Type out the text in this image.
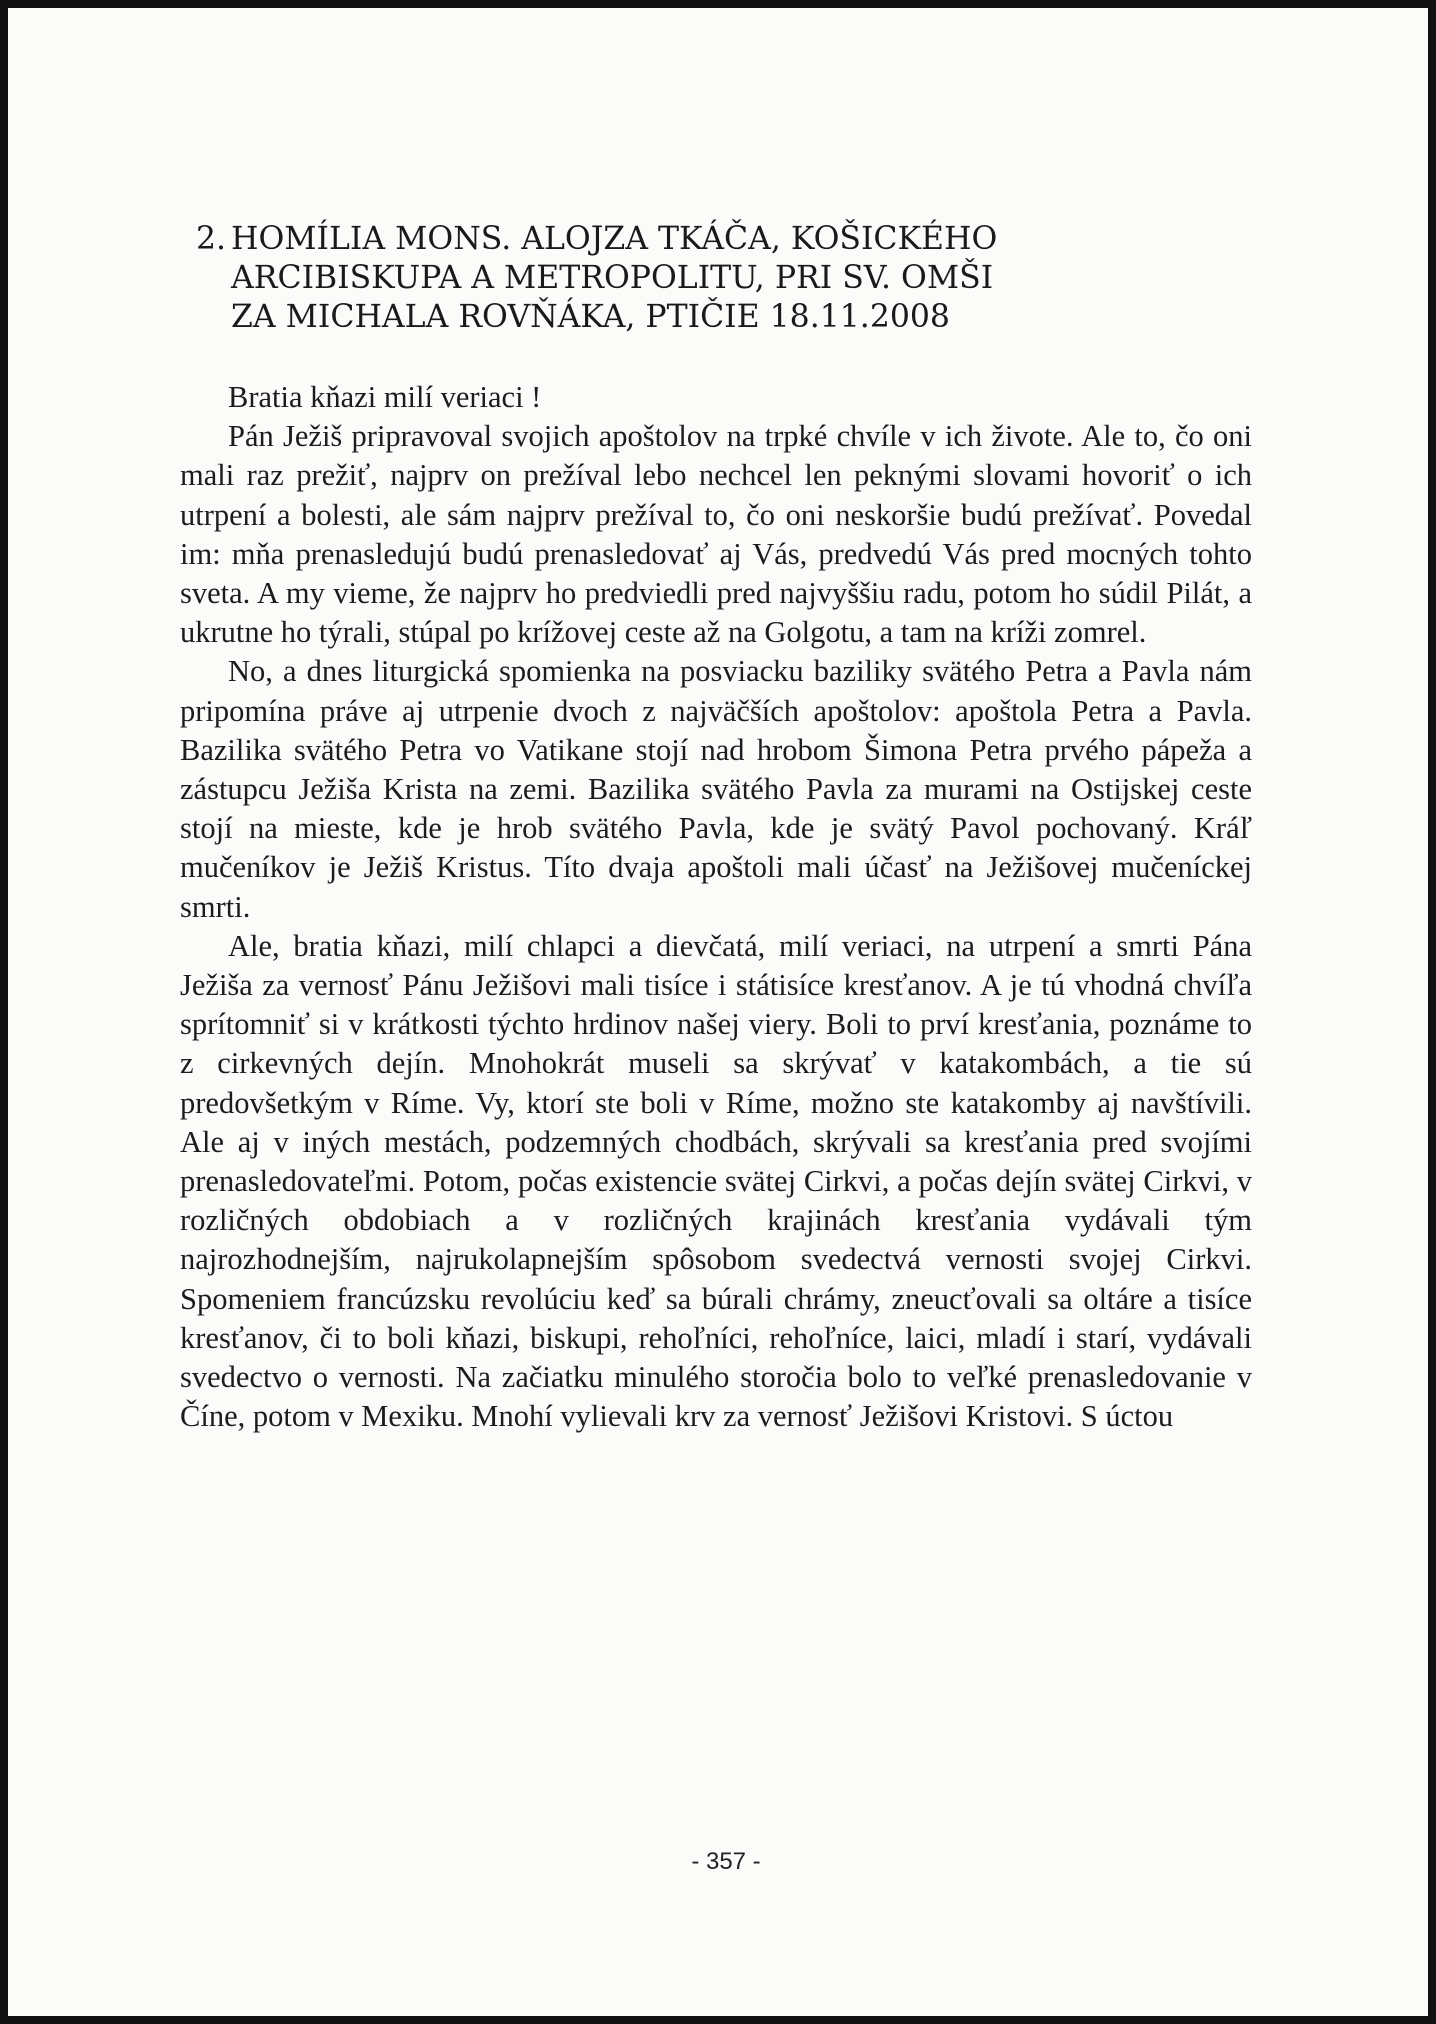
2. HOMÍLIA MONS. ALOJZA TKÁČA, KOŠICKÉHO
ARCIBISKUPA A METROPOLITU, PRI SV. OMŠI
ZA MICHALA ROVŇÁKA, PTIČIE 18.11.2008

Bratia kňazi milí veriaci !

Pán Ježiš pripravoval svojich apoštolov na trpké chvíle v ich živote. Ale to, čo oni mali raz prežiť, najprv on prežíval lebo nechcel len peknými slovami hovoriť o ich utrpení a bolesti, ale sám najprv prežíval to, čo oni neskoršie budú prežívať. Povedal im: mňa prenasledujú budú prenasledovať aj Vás, predvedú Vás pred mocných tohto sveta. A my vieme, že najprv ho predviedli pred najvyššiu radu, potom ho súdil Pilát, a ukrutne ho týrali, stúpal po krížovej ceste až na Golgotu, a tam na kríži zomrel.

No, a dnes liturgická spomienka na posviacku baziliky svätého Petra a Pavla nám pripomína práve aj utrpenie dvoch z najväčších apoštolov: apoštola Petra a Pavla. Bazilika svätého Petra vo Vatikane stojí nad hrobom Šimona Petra prvého pápeža a zástupcu Ježiša Krista na zemi. Bazilika svätého Pavla za murami na Ostijskej ceste stojí na mieste, kde je hrob svätého Pavla, kde je svätý Pavol pochovaný. Kráľ mučeníkov je Ježiš Kristus. Títo dvaja apoštoli mali účasť na Ježišovej mučeníckej smrti.

Ale, bratia kňazi, milí chlapci a dievčatá, milí veriaci, na utrpení a smrti Pána Ježiša za vernosť Pánu Ježišovi mali tisíce i státisíce kresťanov. A je tú vhodná chvíľa sprítomniť si v krátkosti týchto hrdinov našej viery. Boli to prví kresťania, poznáme to z cirkevných dejín. Mnohokrát museli sa skrývať v katakombách, a tie sú predovšetkým v Ríme. Vy, ktorí ste boli v Ríme, možno ste katakomby aj navštívili. Ale aj v iných mestách, podzemných chodbách, skrývali sa kresťania pred svojími prenasledovateľmi. Potom, počas existencie svätej Cirkvi, a počas dejín svätej Cirkvi, v rozličných obdobiach a v rozličných krajinách kresťania vydávali tým najrozhodnejším, najrukolapnejším spôsobom svedectvá vernosti svojej Cirkvi. Spomeniem francúzsku revolúciu keď sa búrali chrámy, zneucťovali sa oltáre a tisíce kresťanov, či to boli kňazi, biskupi, rehoľníci, rehoľníce, laici, mladí i starí, vydávali svedectvo o vernosti. Na začiatku minulého storočia bolo to veľké prenasledovanie v Číne, potom v Mexiku. Mnohí vylievali krv za vernosť Ježišovi Kristovi. S úctou

- 357 -
